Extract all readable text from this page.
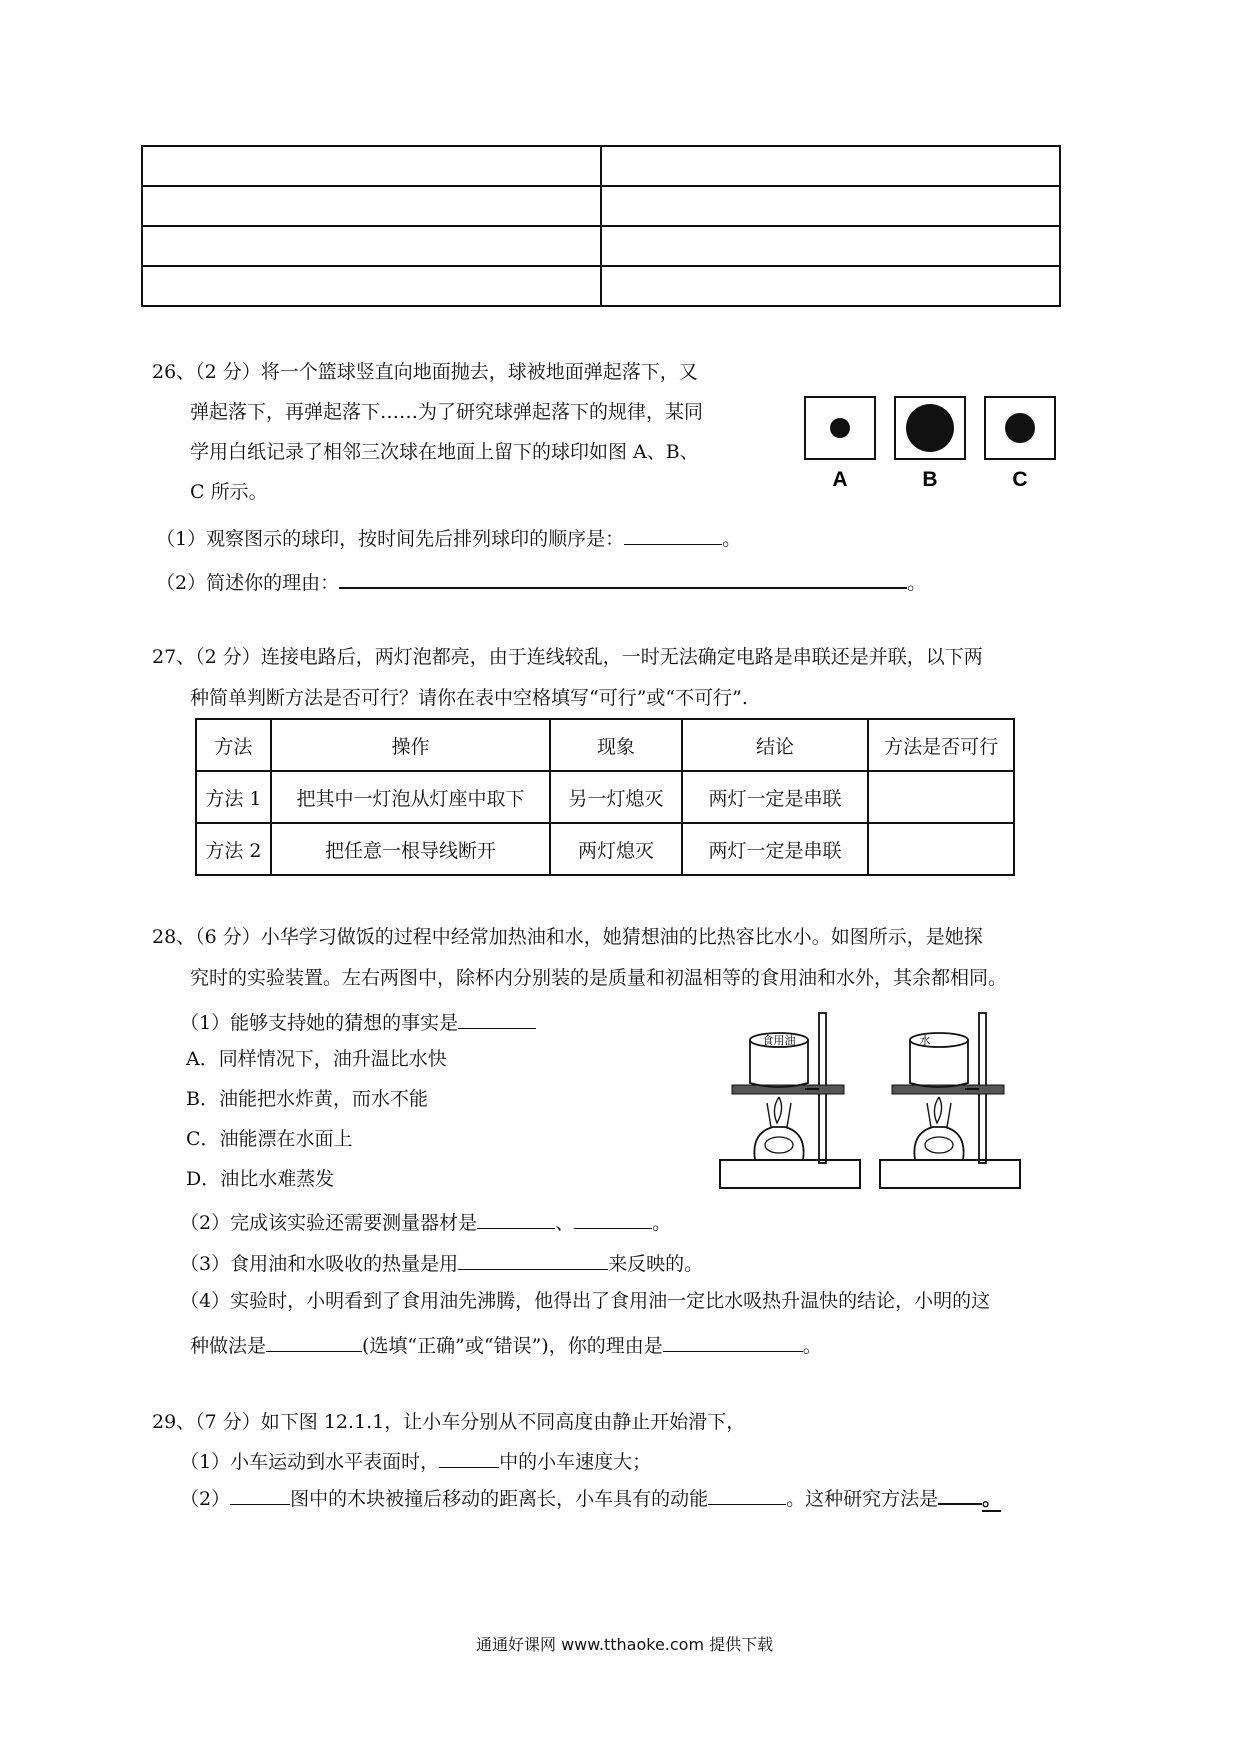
26、（2 分）将一个篮球竖直向地面抛去，球被地面弹起落下，又
弹起落下，再弹起落下……为了研究球弹起落下的规律，某同
学用白纸记录了相邻三次球在地面上留下的球印如图 A、B、
C 所示。
A	B	C
（1）观察图示的球印，按时间先后排列球印的顺序是：	。
（2）简述你的理由：	。
27、（2 分）连接电路后，两灯泡都亮，由于连线较乱，一时无法确定电路是串联还是并联，以下两
种简单判断方法是否可行？请你在表中空格填写“可行”或“不可行”.
方法	操作	现象	结论	方法是否可行
方法 1	把其中一灯泡从灯座中取下	另一灯熄灭	两灯一定是串联	
方法 2	把任意一根导线断开	两灯熄灭	两灯一定是串联	
28、（6 分）小华学习做饭的过程中经常加热油和水，她猜想油的比热容比水小。如图所示，是她探
究时的实验装置。左右两图中，除杯内分别装的是质量和初温相等的食用油和水外，其余都相同。
（1）能够支持她的猜想的事实是
A．同样情况下，油升温比水快
B．油能把水炸黄，而水不能
C．油能漂在水面上
D．油比水难蒸发
食用油	水
（2）完成该实验还需要测量器材是	、	。
（3）食用油和水吸收的热量是用	来反映的。
（4）实验时，小明看到了食用油先沸腾，他得出了食用油一定比水吸热升温快的结论，小明的这
种做法是	(选填“正确”或“错误”)，你的理由是	。
29、（7 分）如下图 12.1.1，让小车分别从不同高度由静止开始滑下，
（1）小车运动到水平表面时，	中的小车速度大；
（2）	图中的木块被撞后移动的距离长，小车具有的动能	。这种研究方法是 。
通通好课网 www.tthaoke.com 提供下载
